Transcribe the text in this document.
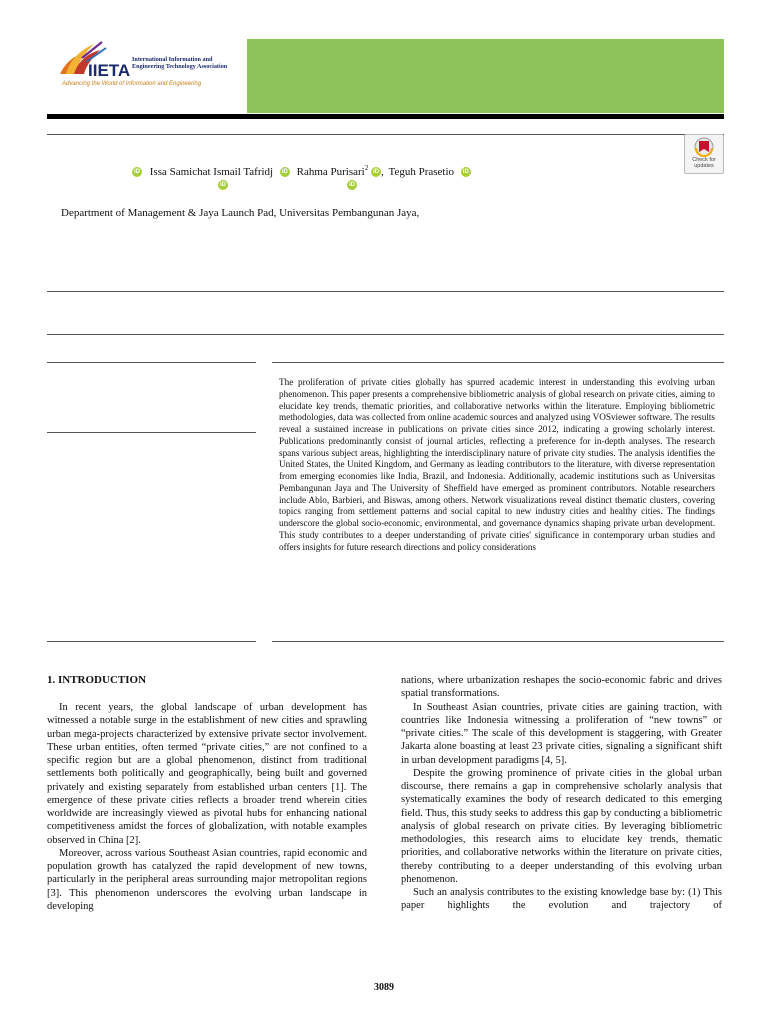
IIETA
International Information and
Engineering Technology Association
Advancing the World of Information and Engineering
Check for updates
iD Issa Samichat Ismail Tafridj iD Rahma Purisari$^2$ iD , Teguh Prasetio iD
iD	iD
Department of Management & Jaya Launch Pad, Universitas Pembangunan Jaya,

The proliferation of private cities globally has spurred academic interest in understanding this evolving urban phenomenon. This paper presents a comprehensive bibliometric analysis of global research on private cities, aiming to elucidate key trends, thematic priorities, and collaborative networks within the literature. Employing bibliometric methodologies, data was collected from online academic sources and analyzed using VOSviewer software. The results reveal a sustained increase in publications on private cities since 2012, indicating a growing scholarly interest. Publications predominantly consist of journal articles, reflecting a preference for in-depth analyses. The research spans various subject areas, highlighting the interdisciplinary nature of private city studies. The analysis identifies the United States, the United Kingdom, and Germany as leading contributors to the literature, with diverse representation from emerging economies like India, Brazil, and Indonesia. Additionally, academic institutions such as Universitas Pembangunan Jaya and The University of Sheffield have emerged as prominent contributors. Notable researchers include Ablo, Barbieri, and Biswas, among others. Network visualizations reveal distinct thematic clusters, covering topics ranging from settlement patterns and social capital to new industry cities and healthy cities. The findings underscore the global socio-economic, environmental, and governance dynamics shaping private urban development. This study contributes to a deeper understanding of private cities' significance in contemporary urban studies and offers insights for future research directions and policy considerations

1. INTRODUCTION

In recent years, the global landscape of urban development has witnessed a notable surge in the establishment of new cities and sprawling urban mega-projects characterized by extensive private sector involvement. These urban entities, often termed “private cities,” are not confined to a specific region but are a global phenomenon, distinct from traditional settlements both politically and geographically, being built and governed privately and existing separately from established urban centers [1]. The emergence of these private cities reflects a broader trend wherein cities worldwide are increasingly viewed as pivotal hubs for enhancing national competitiveness amidst the forces of globalization, with notable examples observed in China [2].

Moreover, across various Southeast Asian countries, rapid economic and population growth has catalyzed the rapid development of new towns, particularly in the peripheral areas surrounding major metropolitan regions [3]. This phenomenon underscores the evolving urban landscape in developing

nations, where urbanization reshapes the socio-economic fabric and drives spatial transformations.

In Southeast Asian countries, private cities are gaining traction, with countries like Indonesia witnessing a proliferation of “new towns” or “private cities.” The scale of this development is staggering, with Greater Jakarta alone boasting at least 23 private cities, signaling a significant shift in urban development paradigms [4, 5].

Despite the growing prominence of private cities in the global urban discourse, there remains a gap in comprehensive scholarly analysis that systematically examines the body of research dedicated to this emerging field. Thus, this study seeks to address this gap by conducting a bibliometric analysis of global research on private cities. By leveraging bibliometric methodologies, this research aims to elucidate key trends, thematic priorities, and collaborative networks within the literature on private cities, thereby contributing to a deeper understanding of this evolving urban phenomenon.

Such an analysis contributes to the existing knowledge base by: (1) This paper highlights the evolution and trajectory of

3089
